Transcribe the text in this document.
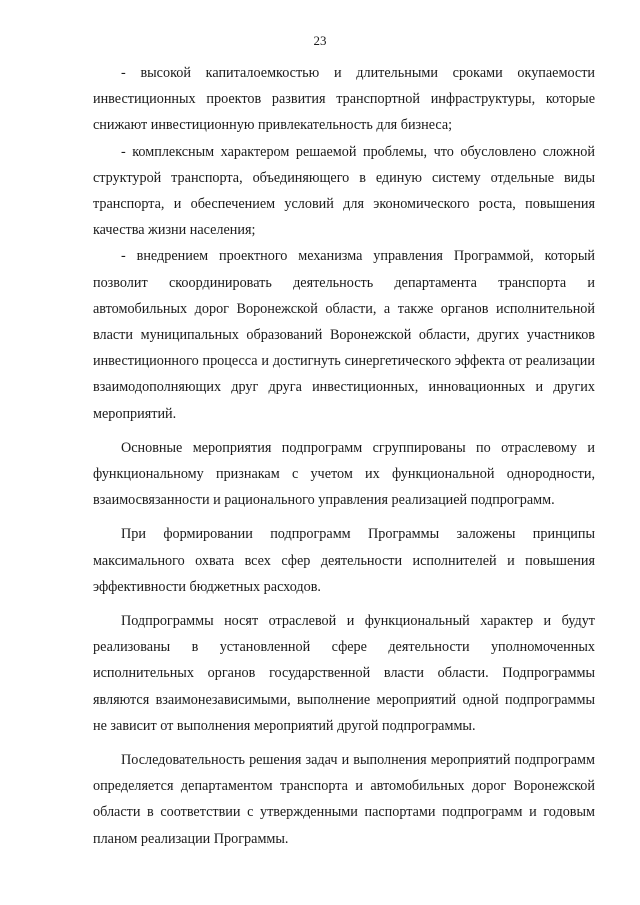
23

- высокой капиталоемкостью и длительными сроками окупаемости инвестиционных проектов развития транспортной инфраструктуры, которые снижают инвестиционную привлекательность для бизнеса;

- комплексным характером решаемой проблемы, что обусловлено сложной структурой транспорта, объединяющего в единую систему отдельные виды транспорта, и обеспечением условий для экономического роста, повышения качества жизни населения;

- внедрением проектного механизма управления Программой, который позволит скоординировать деятельность департамента транспорта и автомобильных дорог Воронежской области, а также органов исполнительной власти муниципальных образований Воронежской области, других участников инвестиционного процесса и достигнуть синергетического эффекта от реализации взаимодополняющих друг друга инвестиционных, инновационных и других мероприятий.

Основные мероприятия подпрограмм сгруппированы по отраслевому и функциональному признакам с учетом их функциональной однородности, взаимосвязанности и рационального управления реализацией подпрограмм.

При формировании подпрограмм Программы заложены принципы максимального охвата всех сфер деятельности исполнителей и повышения эффективности бюджетных расходов.

Подпрограммы носят отраслевой и функциональный характер и будут реализованы в установленной сфере деятельности уполномоченных исполнительных органов государственной власти области. Подпрограммы являются взаимонезависимыми, выполнение мероприятий одной подпрограммы не зависит от выполнения мероприятий другой подпрограммы.

Последовательность решения задач и выполнения мероприятий подпрограмм определяется департаментом транспорта и автомобильных дорог Воронежской области в соответствии с утвержденными паспортами подпрограмм и годовым планом реализации Программы.
